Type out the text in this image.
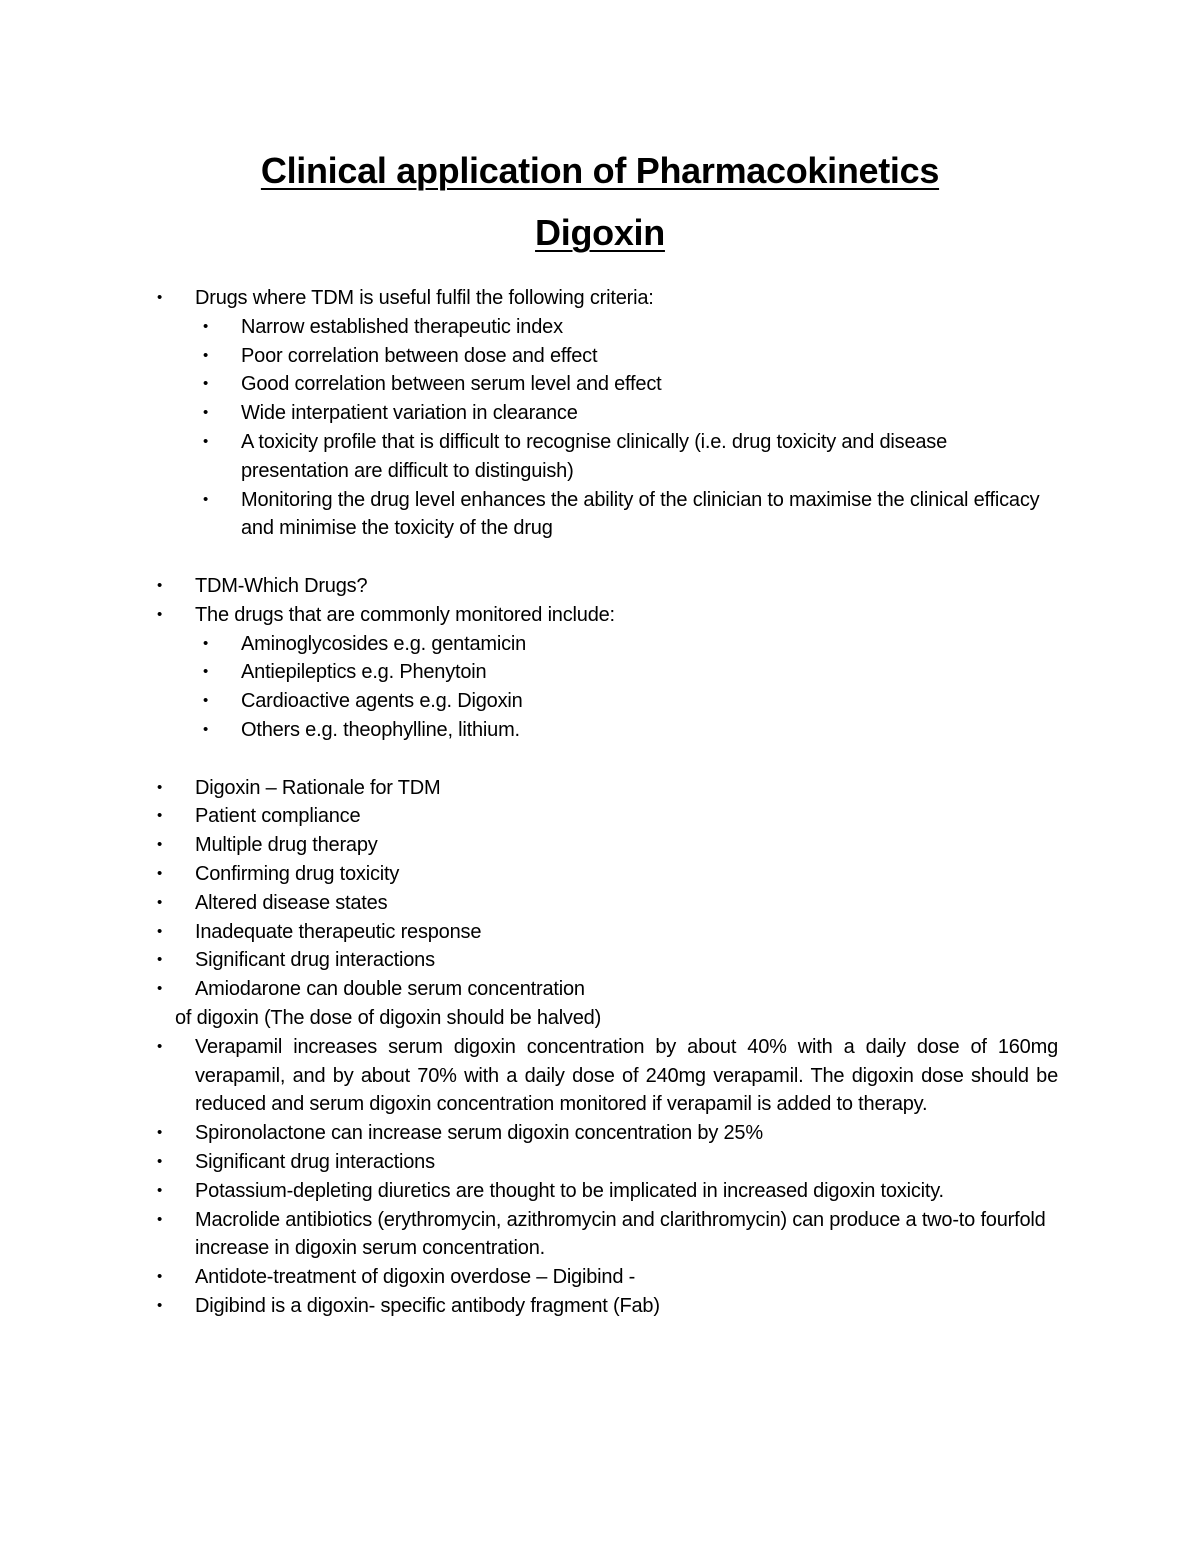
Clinical application of Pharmacokinetics
Digoxin
• Drugs where TDM is useful fulfil the following criteria:
• Narrow established therapeutic index
• Poor correlation between dose and effect
• Good correlation between serum level and effect
• Wide interpatient variation in clearance
• A toxicity profile that is difficult to recognise clinically (i.e. drug toxicity and disease presentation are difficult to distinguish)
• Monitoring the drug level enhances the ability of the clinician to maximise the clinical efficacy and minimise the toxicity of the drug
• TDM-Which Drugs?
• The drugs that are commonly monitored include:
• Aminoglycosides e.g. gentamicin
• Antiepileptics e.g. Phenytoin
• Cardioactive agents e.g. Digoxin
• Others e.g. theophylline, lithium.
• Digoxin – Rationale for TDM
• Patient compliance
• Multiple drug therapy
• Confirming drug toxicity
• Altered disease states
• Inadequate therapeutic response
• Significant drug interactions
• Amiodarone can double serum concentration
of digoxin (The dose of digoxin should be halved)
• Verapamil increases serum digoxin concentration by about 40% with a daily dose of 160mg verapamil, and by about 70% with a daily dose of 240mg verapamil. The digoxin dose should be reduced and serum digoxin concentration monitored if verapamil is added to therapy.
• Spironolactone can increase serum digoxin concentration by 25%
• Significant drug interactions
• Potassium-depleting diuretics are thought to be implicated in increased digoxin toxicity.
• Macrolide antibiotics (erythromycin, azithromycin and clarithromycin) can produce a two-to fourfold increase in digoxin serum concentration.
• Antidote-treatment of digoxin overdose – Digibind -
• Digibind is a digoxin- specific antibody fragment (Fab)
